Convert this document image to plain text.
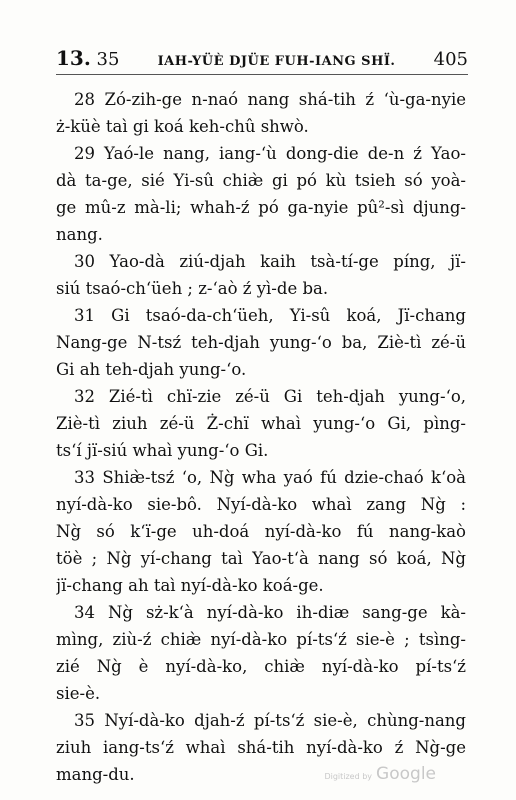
13. 35	IAH-YÜÈ DJÜE FUH-IANG SHÏ. 405
28 Zó-zih-ge n-naó nang shá-tih ź ‘ù-ga-nyie
ż-küè taì gi koá keh-chû shwò.
29 Yaó-le nang, iang-‘ù dong-die de-n ź Yao-
dà ta-ge, sié Yi-sû chiæ̀ gi pó kù tsieh só yoà-
ge mû-z mà-li; whah-ź pó ga-nyie pû²-sì djung-
nang.
30 Yao-dà ziú-djah kaih tsà-tí-ge píng, jï-
siú tsaó-ch‘üeh ; z-‘aò ź yì-de ba.
31 Gi tsaó-da-ch‘üeh, Yi-sû koá, Jï-chang
Nang-ge N-tsź teh-djah yung-‘o ba, Ziè-tì zé-ü
Gi ah teh-djah yung-‘o.
32 Zié-tì chï-zie zé-ü Gi teh-djah yung-‘o,
Ziè-tì ziuh zé-ü Ż-chï whaì yung-‘o Gi, pìng-
ts‘í jï-siú whaì yung-‘o Gi.
33 Shiæ̀-tsź ‘o, Ng̀ wha yaó fú dzie-chaó k‘oà
nyí-dà-ko sie-bô. Nyí-dà-ko whaì zang Ng̀ :
Ng̀ só k‘ï-ge uh-doá nyí-dà-ko fú nang-kaò
töè ; Ng̀ yí-chang taì Yao-t‘à nang só koá, Ng̀
jï-chang ah taì nyí-dà-ko koá-ge.
34 Ng̀ sż-k‘à nyí-dà-ko ih-diæ sang-ge kà-
mìng, ziù-ź chiæ̀ nyí-dà-ko pí-ts‘ź sie-è ; tsìng-
zié Ng̀ è nyí-dà-ko, chiæ̀ nyí-dà-ko pí-ts‘ź
sie-è.
35 Nyí-dà-ko djah-ź pí-ts‘ź sie-è, chùng-nang
ziuh iang-ts‘ź whaì shá-tih nyí-dà-ko ź Ng̀-ge
mang-du.	Digitized by Google
